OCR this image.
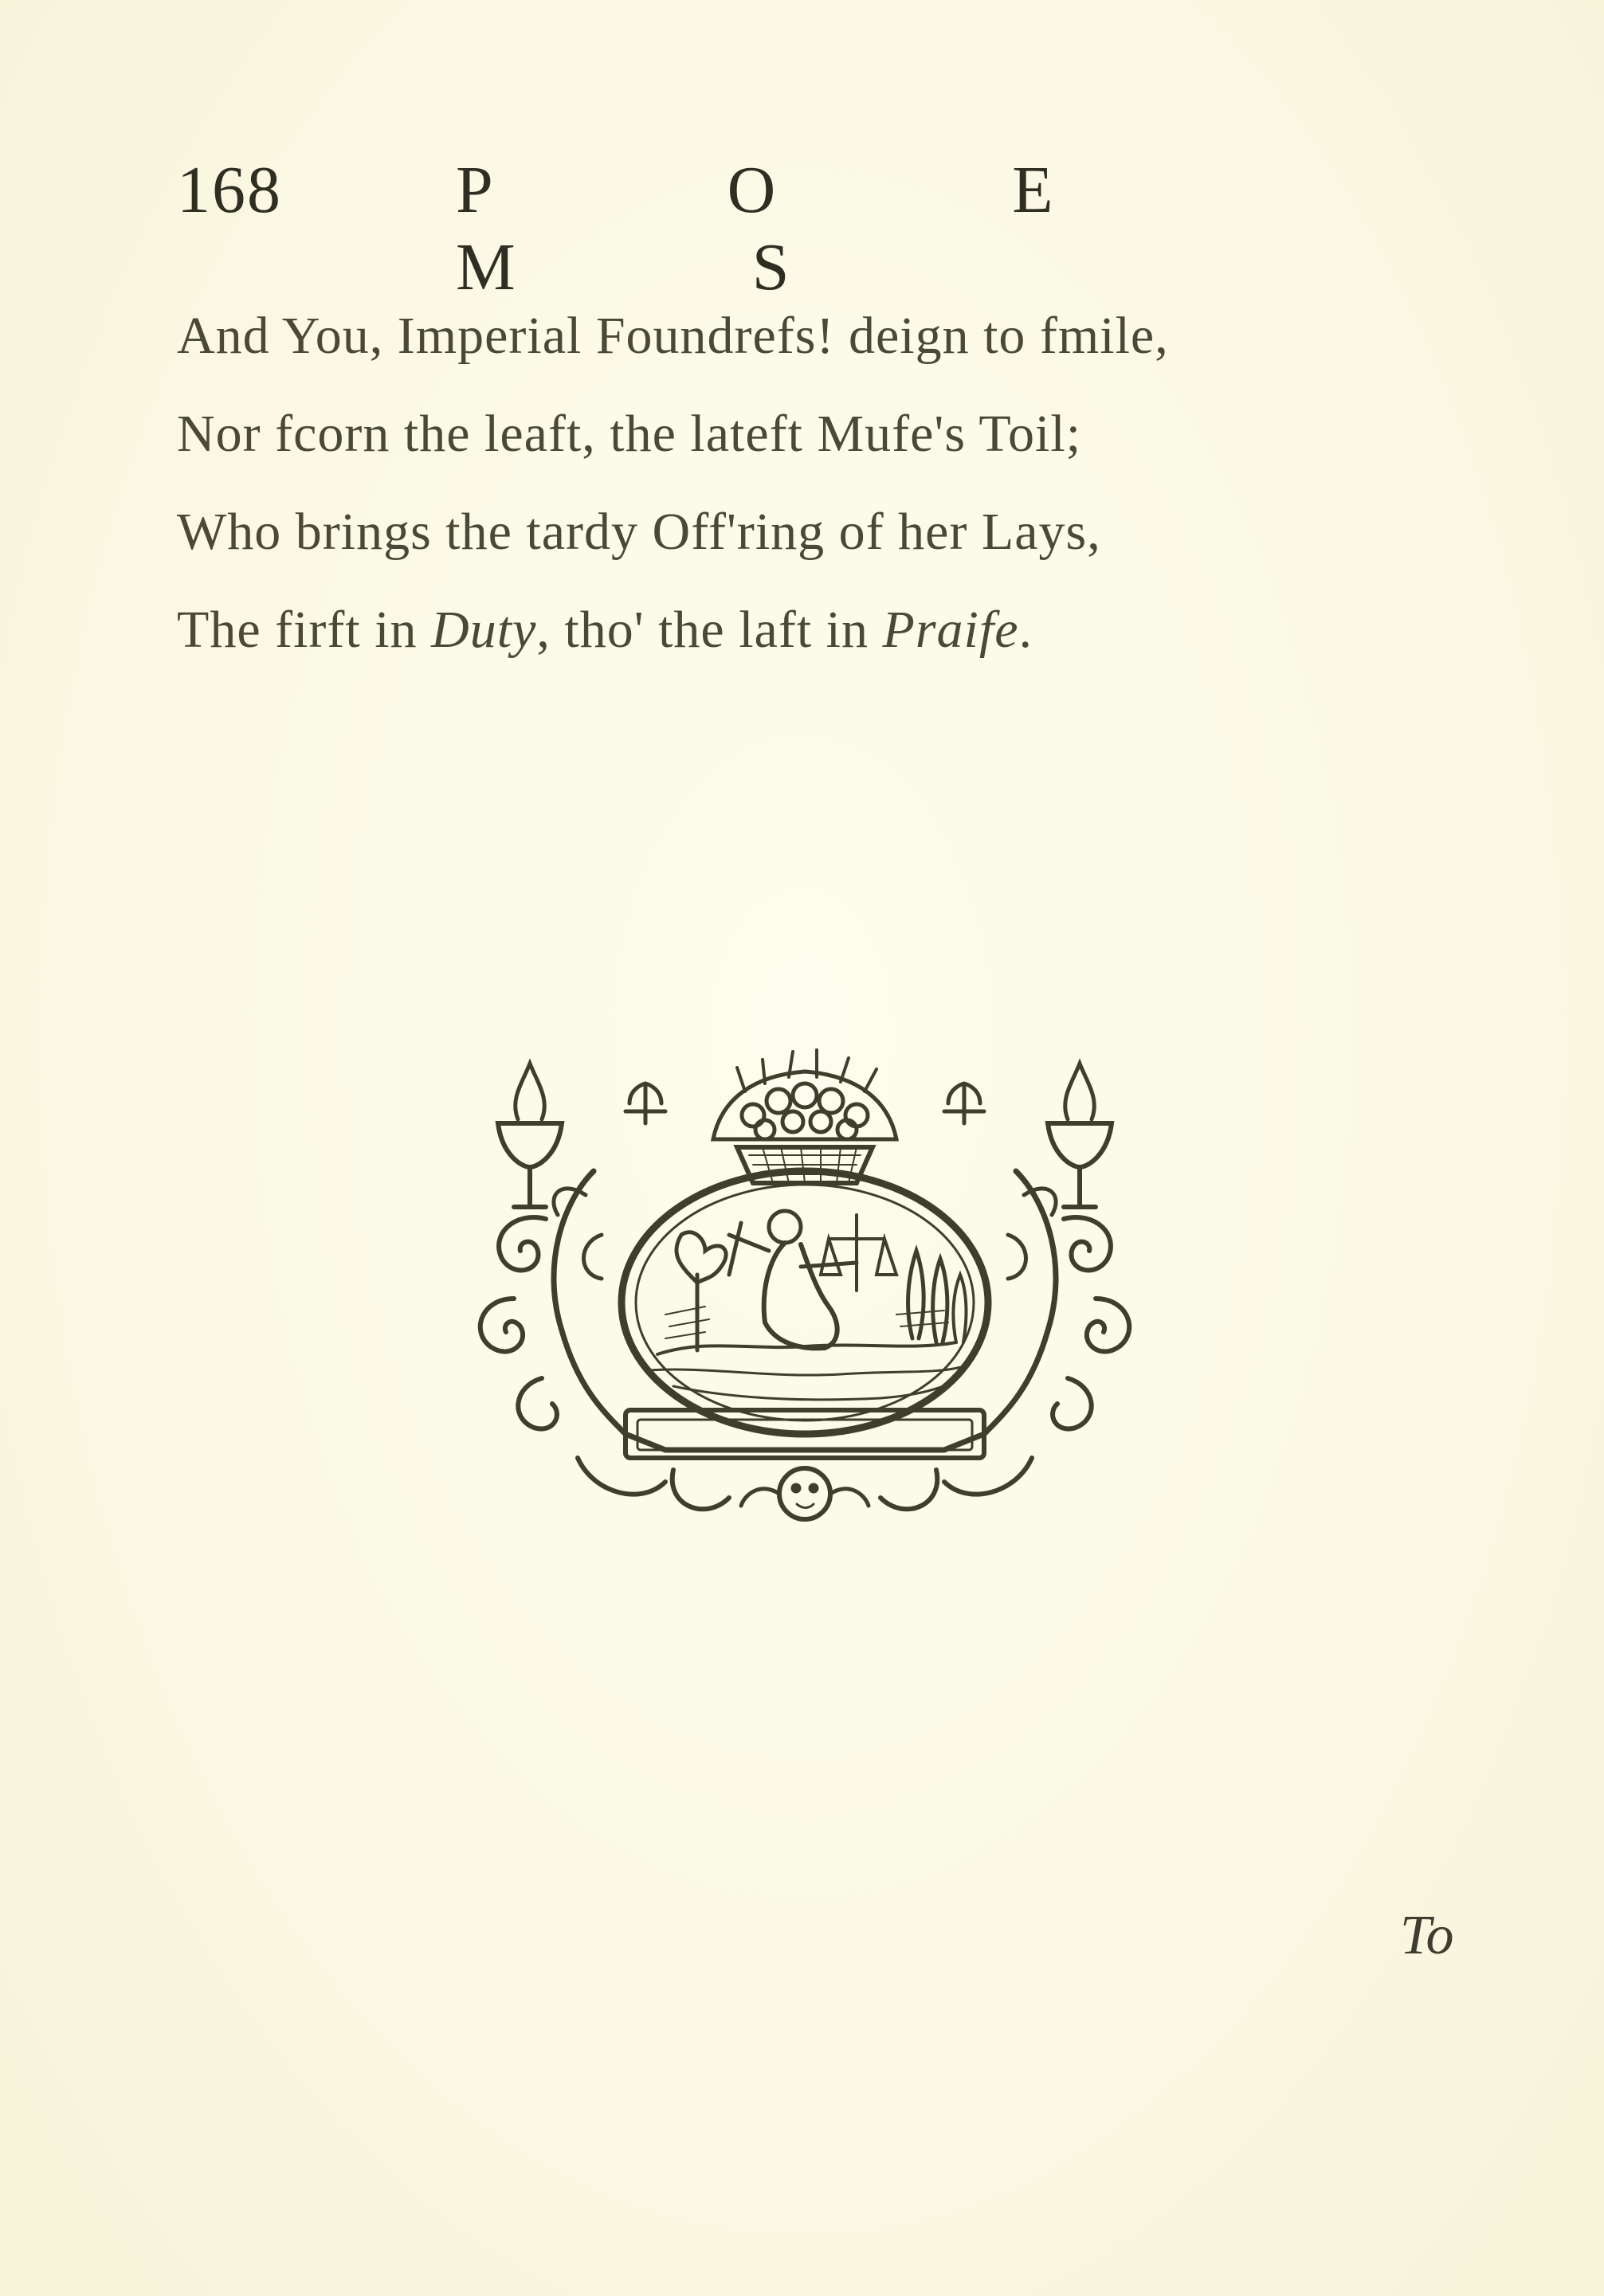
168	P O E M S
And You, Imperial Foundrefs! deign to fmile,
Nor fcorn the leaft, the lateft Mufe's Toil;
Who brings the tardy Off'ring of her Lays,
The firft in Duty, tho' the laft in Praife.
To
